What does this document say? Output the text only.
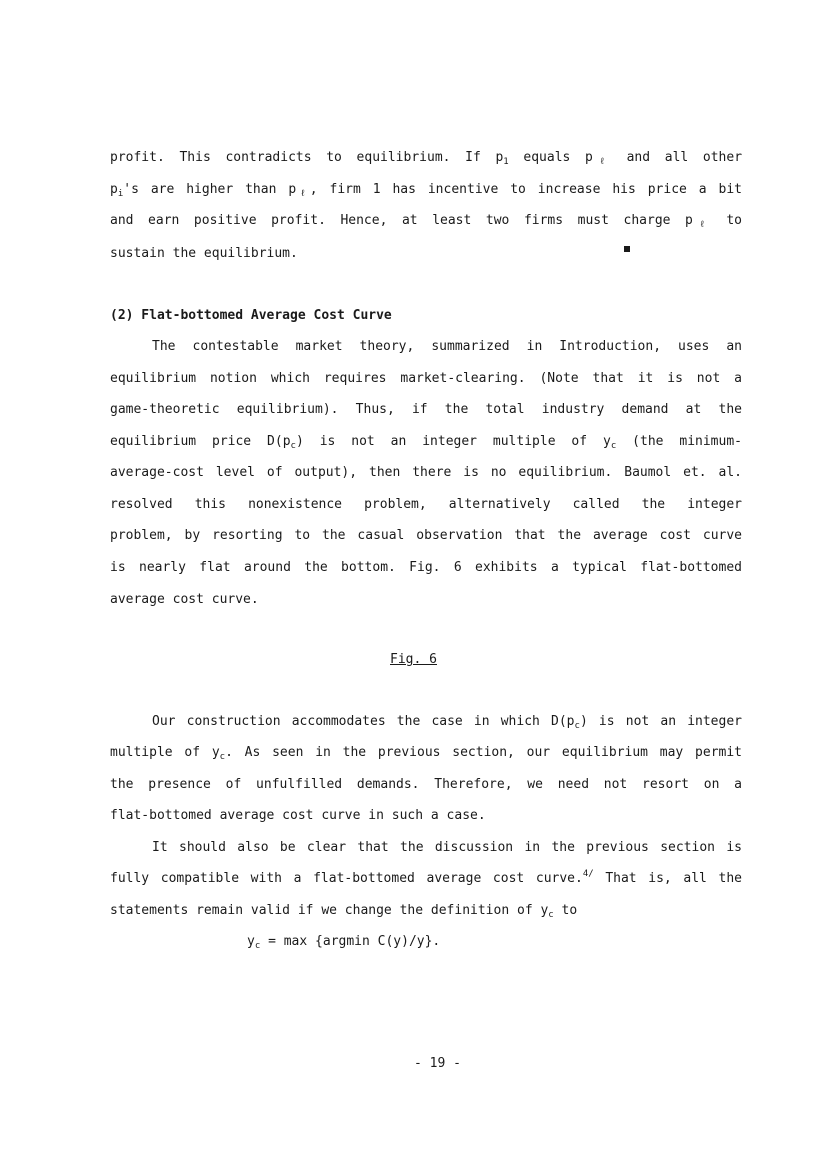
profit. This contradicts to equilibrium. If $p_1$ equals $p_\ell$ and all other
$p_i's$ are higher than $p_\ell$, firm 1 has incentive to increase his price a bit
and earn positive profit. Hence, at least two firms must charge $p_\ell$ to
sustain the equilibrium.
(2) Flat-bottomed Average Cost Curve
The contestable market theory, summarized in Introduction, uses an
equilibrium notion which requires market-clearing. (Note that it is not a
game-theoretic equilibrium). Thus, if the total industry demand at the
equilibrium price $D(p_c)$ is not an integer multiple of $y_c$ (the minimum-
average-cost level of output), then there is no equilibrium. Baumol et. al.
resolved this nonexistence problem, alternatively called the integer
problem, by resorting to the casual observation that the average cost curve
is nearly flat around the bottom. Fig. 6 exhibits a typical flat-bottomed
average cost curve.
Fig. 6
Our construction accommodates the case in which $D(p_c)$ is not an integer
multiple of $y_c$. As seen in the previous section, our equilibrium may permit
the presence of unfulfilled demands. Therefore, we need not resort on a
flat-bottomed average cost curve in such a case.
It should also be clear that the discussion in the previous section is
fully compatible with a flat-bottomed average cost curve.$^{4/}$ That is, all the
statements remain valid if we change the definition of $y_c$ to
$y_c = \max \{argmin$ C(y)/y}.
- 19 -
